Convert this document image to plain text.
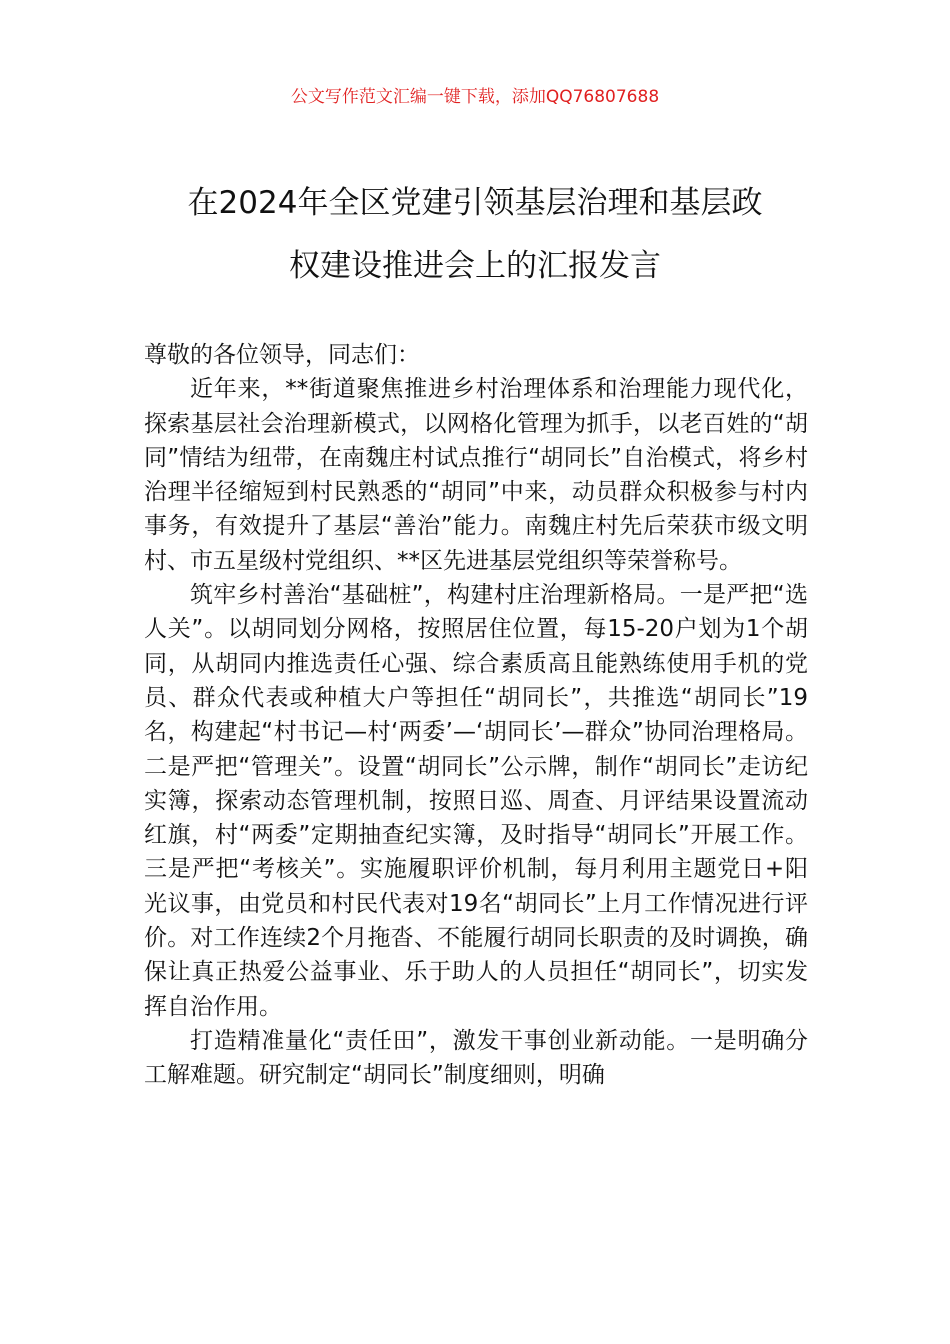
公文写作范文汇编一键下载，添加QQ76807688
在2024年全区党建引领基层治理和基层政
权建设推进会上的汇报发言

尊敬的各位领导，同志们：

近年来，**街道聚焦推进乡村治理体系和治理能力现代化，探索基层社会治理新模式，以网格化管理为抓手，以老百姓的“胡同”情结为纽带，在南魏庄村试点推行“胡同长”自治模式，将乡村治理半径缩短到村民熟悉的“胡同”中来，动员群众积极参与村内事务，有效提升了基层“善治”能力。南魏庄村先后荣获市级文明村、市五星级村党组织、**区先进基层党组织等荣誉称号。

筑牢乡村善治“基础桩”，构建村庄治理新格局。一是严把“选人关”。以胡同划分网格，按照居住位置，每15-20户划为1个胡同，从胡同内推选责任心强、综合素质高且能熟练使用手机的党员、群众代表或种植大户等担任“胡同长”，共推选“胡同长”19名，构建起“村书记—村‘两委’—‘胡同长’—群众”协同治理格局。二是严把“管理关”。设置“胡同长”公示牌，制作“胡同长”走访纪实簿，探索动态管理机制，按照日巡、周查、月评结果设置流动红旗，村“两委”定期抽查纪实簿，及时指导“胡同长”开展工作。三是严把“考核关”。实施履职评价机制，每月利用主题党日+阳光议事，由党员和村民代表对19名“胡同长”上月工作情况进行评价。对工作连续2个月拖沓、不能履行胡同长职责的及时调换，确保让真正热爱公益事业、乐于助人的人员担任“胡同长”，切实发挥自治作用。

打造精准量化“责任田”，激发干事创业新动能。一是明确分工解难题。研究制定“胡同长”制度细则，明确
